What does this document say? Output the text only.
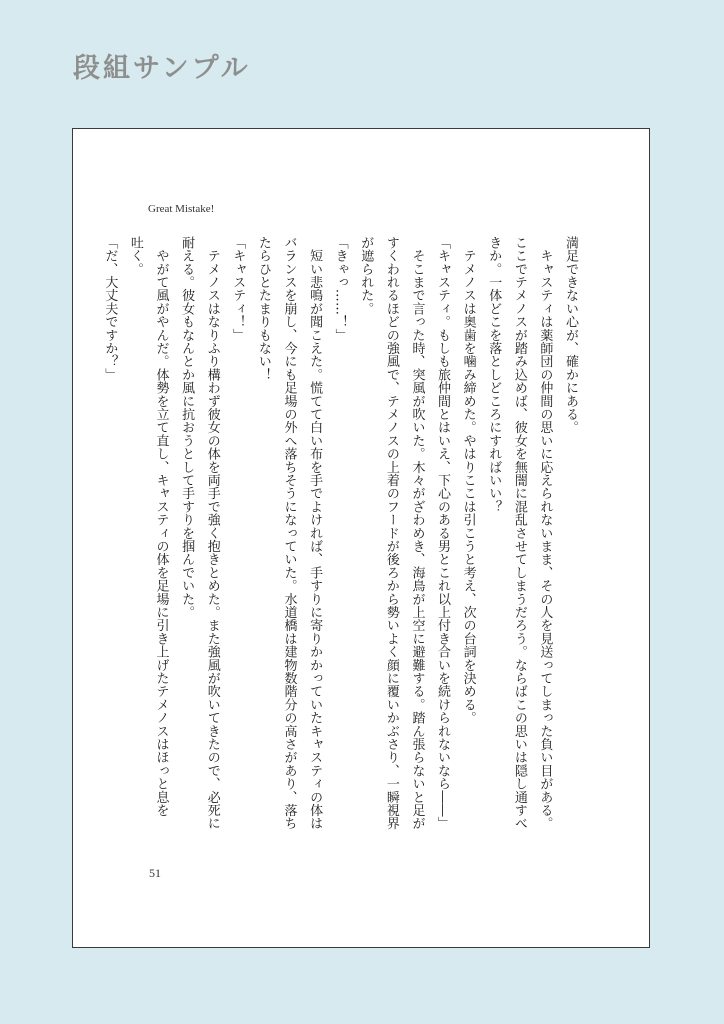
段組サンプル
Great Mistake!

満足できない心が、確かにある。

　キャスティは薬師団の仲間の思いに応えられないまま、その人を見送ってしまった負い目がある。

ここでテメノスが踏み込めば、彼女を無闇に混乱させてしまうだろう。ならばこの思いは隠し通すべ

きか。一体どこを落としどころにすればいい？

　テメノスは奥歯を噛み締めた。やはりここは引こうと考え、次の台詞を決める。

「キャスティ。もしも旅仲間とはいえ、下心のある男とこれ以上付き合いを続けられないなら――」

　そこまで言った時、突風が吹いた。木々がざわめき、海鳥が上空に避難する。踏ん張らないと足が

すくわれるほどの強風で、テメノスの上着のフードが後ろから勢いよく顔に覆いかぶさり、一瞬視界

が遮られた。

「きゃっ……！」

　短い悲鳴が聞こえた。慌てて白い布を手でよければ、手すりに寄りかかっていたキャスティの体は

バランスを崩し、今にも足場の外へ落ちそうになっていた。水道橋は建物数階分の高さがあり、落ち

たらひとたまりもない！

「キャスティ！」

　テメノスはなりふり構わず彼女の体を両手で強く抱きとめた。また強風が吹いてきたので、必死に

耐える。彼女もなんとか風に抗おうとして手すりを掴んでいた。

　やがて風がやんだ。体勢を立て直し、キャスティの体を足場に引き上げたテメノスはほっと息を

吐く。

「だ、大丈夫ですか？」

51
